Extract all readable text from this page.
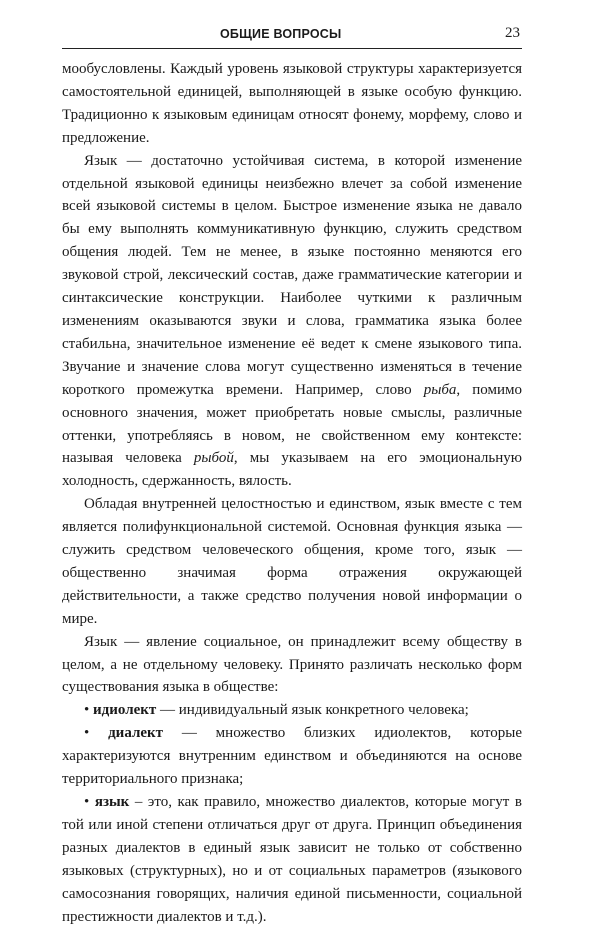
ОБЩИЕ ВОПРОСЫ	23

мообусловлены. Каждый уровень языковой структуры характеризуется самостоятельной единицей, выполняющей в языке особую функцию. Традиционно к языковым единицам относят фонему, морфему, слово и предложение.

Язык — достаточно устойчивая система, в которой изменение отдельной языковой единицы неизбежно влечет за собой изменение всей языковой системы в целом. Быстрое изменение языка не давало бы ему выполнять коммуникативную функцию, служить средством общения людей. Тем не менее, в языке постоянно меняются его звуковой строй, лексический состав, даже грамматические категории и синтаксические конструкции. Наиболее чуткими к различным изменениям оказываются звуки и слова, грамматика языка более стабильна, значительное изменение её ведет к смене языкового типа. Звучание и значение слова могут существенно изменяться в течение короткого промежутка времени. Например, слово рыба, помимо основного значения, может приобретать новые смыслы, различные оттенки, употребляясь в новом, не свойственном ему контексте: называя человека рыбой, мы указываем на его эмоциональную холодность, сдержанность, вялость.

Обладая внутренней целостностью и единством, язык вместе с тем является полифункциональной системой. Основная функция языка — служить средством человеческого общения, кроме того, язык — общественно значимая форма отражения окружающей действительности, а также средство получения новой информации о мире.

Язык — явление социальное, он принадлежит всему обществу в целом, а не отдельному человеку. Принято различать несколько форм существования языка в обществе:

• идиолект — индивидуальный язык конкретного человека;

• диалект — множество близких идиолектов, которые характеризуются внутренним единством и объединяются на основе территориального признака;

• язык – это, как правило, множество диалектов, которые могут в той или иной степени отличаться друг от друга. Принцип объединения разных диалектов в единый язык зависит не только от собственно языковых (структурных), но и от социальных параметров (языкового самосознания говорящих, наличия единой письменности, социальной престижности диалектов и т.д.).
